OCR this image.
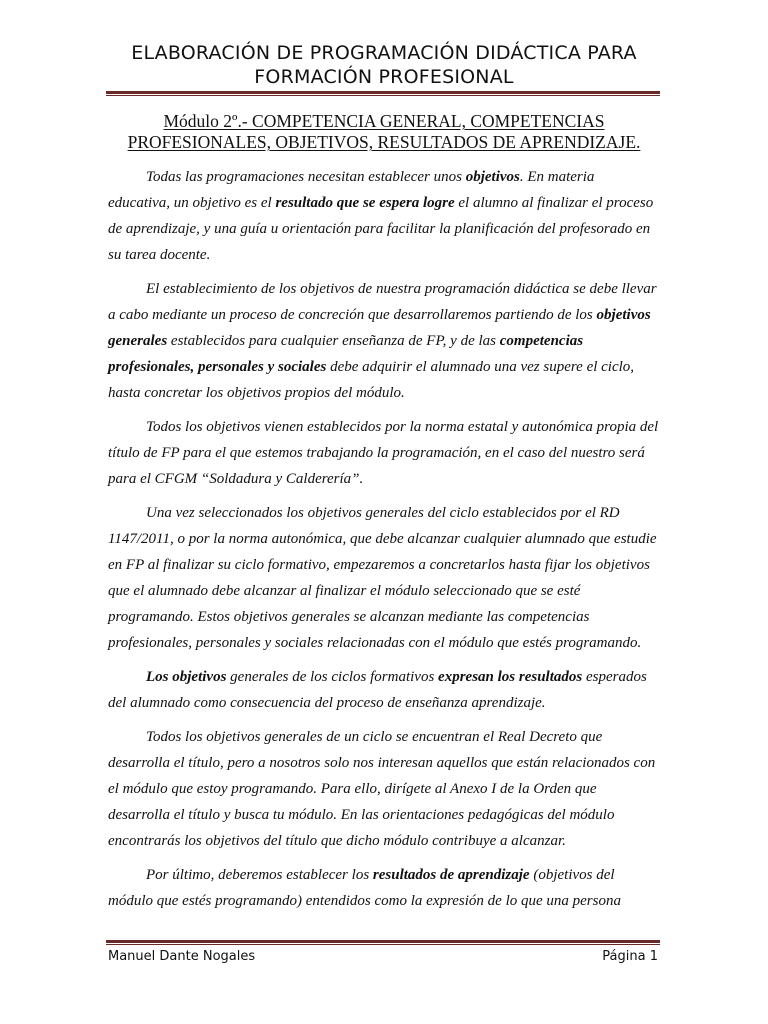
ELABORACIÓN DE PROGRAMACIÓN DIDÁCTICA PARA
FORMACIÓN PROFESIONAL
Módulo 2º.- COMPETENCIA GENERAL, COMPETENCIAS
PROFESIONALES, OBJETIVOS, RESULTADOS DE APRENDIZAJE.

Todas las programaciones necesitan establecer unos objetivos. En materia educativa, un objetivo es el resultado que se espera logre el alumno al finalizar el proceso de aprendizaje, y una guía u orientación para facilitar la planificación del profesorado en su tarea docente.

El establecimiento de los objetivos de nuestra programación didáctica se debe llevar a cabo mediante un proceso de concreción que desarrollaremos partiendo de los objetivos generales establecidos para cualquier enseñanza de FP, y de las competencias profesionales, personales y sociales debe adquirir el alumnado una vez supere el ciclo, hasta concretar los objetivos propios del módulo.

Todos los objetivos vienen establecidos por la norma estatal y autonómica propia del título de FP para el que estemos trabajando la programación, en el caso del nuestro será para el CFGM “Soldadura y Calderería”.

Una vez seleccionados los objetivos generales del ciclo establecidos por el RD 1147/2011, o por la norma autonómica, que debe alcanzar cualquier alumnado que estudie en FP al finalizar su ciclo formativo, empezaremos a concretarlos hasta fijar los objetivos que el alumnado debe alcanzar al finalizar el módulo seleccionado que se esté programando. Estos objetivos generales se alcanzan mediante las competencias profesionales, personales y sociales relacionadas con el módulo que estés programando.

Los objetivos generales de los ciclos formativos expresan los resultados esperados del alumnado como consecuencia del proceso de enseñanza aprendizaje.

Todos los objetivos generales de un ciclo se encuentran el Real Decreto que desarrolla el título, pero a nosotros solo nos interesan aquellos que están relacionados con el módulo que estoy programando. Para ello, dirígete al Anexo I de la Orden que desarrolla el título y busca tu módulo. En las orientaciones pedagógicas del módulo encontrarás los objetivos del título que dicho módulo contribuye a alcanzar.

Por último, deberemos establecer los resultados de aprendizaje (objetivos del módulo que estés programando) entendidos como la expresión de lo que una persona

Manuel Dante Nogales	Página 1
